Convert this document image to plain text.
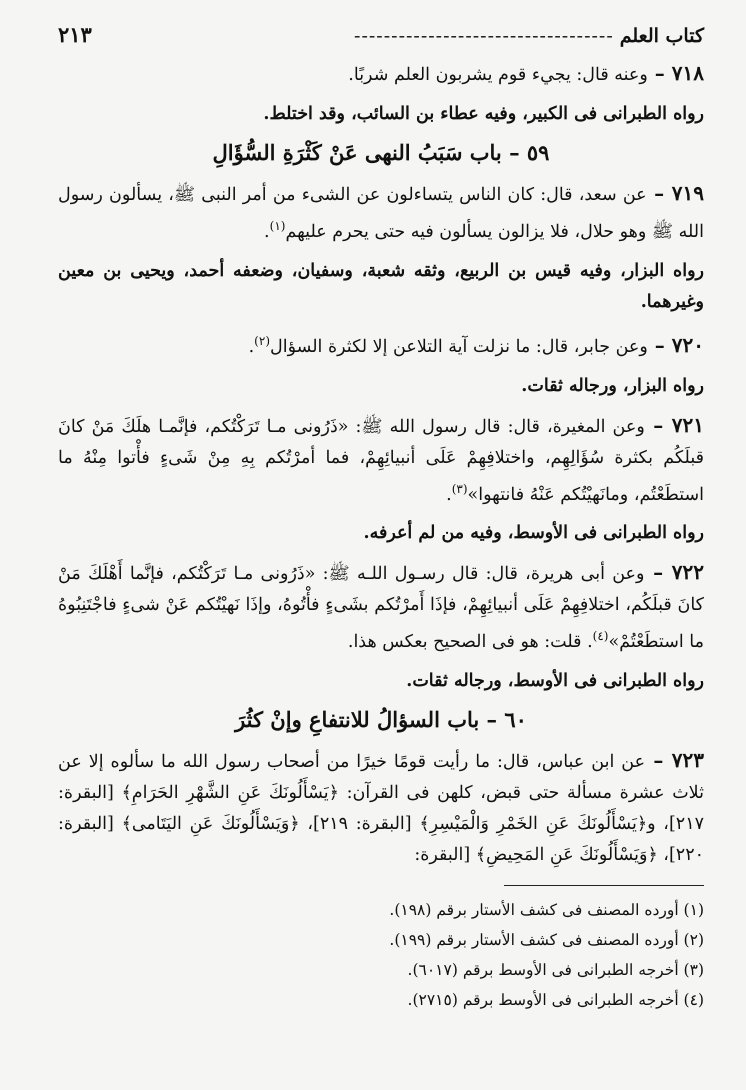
كتاب العلم
-----------------------------------
٢١٣
٧١٨ – وعنه قال: يجيء قوم يشربون العلم شربًا.
رواه الطبرانى فى الكبير، وفيه عطاء بن السائب، وقد اختلط.
٥٩ – باب سَبَبُ النهى عَنْ كَثْرَةِ السُّؤَالِ
٧١٩ – عن سعد، قال: كان الناس يتساءلون عن الشىء من أمر النبى ﷺ، يسألون رسول الله ﷺ وهو حلال، فلا يزالون يسألون فيه حتى يحرم عليهم$^{(١)}$.
رواه البزار، وفيه قيس بن الربيع، وثقه شعبة، وسفيان، وضعفه أحمد، ويحيى بن معين وغيرهما.
٧٢٠ – وعن جابر، قال: ما نزلت آية التلاعن إلا لكثرة السؤال$^{(٢)}$.
رواه البزار، ورجاله ثقات.
٧٢١ – وعن المغيرة، قال: قال رسول الله ﷺ: «ذَرُونى مـا تَرَكْتُكم، فإنَّمـا هلَكَ مَنْ كانَ قبلَكُم بكثرة سُؤَالِهِم، واختلافِهِمْ عَلَى أنبيائِهِمْ، فما أمرْتُكم بِهِ مِنْ شَىءٍ فأْتوا مِنْهُ ما استطَعْتُم، ومانَهيْتُكم عَنْهُ فانتهوا»$^{(٣)}$.
رواه الطبرانى فى الأوسط، وفيه من لم أعرفه.
٧٢٢ – وعن أبى هريرة، قال: قال رسـول اللـه ﷺ: «ذَرُونى مـا تَرَكْتُكم، فإنَّما أَهْلَكَ مَنْ كانَ قبلَكُم، اختلافِهِمْ عَلَى أنبيائِهِمْ، فإذَا أَمرْتُكم بشَىءٍ فأْتُوهُ، وإذَا نَهيْتُكم عَنْ شىءٍ فاجْتَنِبُوهُ ما استطَعْتُمْ»$^{(٤)}$. قلت: هو فى الصحيح بعكس هذا.
رواه الطبرانى فى الأوسط، ورجاله ثقات.
٦٠ – باب السؤالُ للانتفاعِ وإنْ كثُرَ
٧٢٣ – عن ابن عباس، قال: ما رأيت قومًا خيرًا من أصحاب رسول الله ما سألوه إلا عن ثلاث عشرة مسألة حتى قبض، كلهن فى القرآن: ﴿يَسْأَلُونَكَ عَنِ الشَّهْرِ الحَرَامِ﴾ [البقرة: ٢١٧]، و﴿يَسْأَلُونَكَ عَنِ الخَمْرِ وَالْمَيْسِرِ﴾ [البقرة: ٢١٩]، ﴿وَيَسْأَلُونَكَ عَنِ اليَتَامى﴾ [البقرة: ٢٢٠]، ﴿وَيَسْأَلُونَكَ عَنِ المَحِيضِ﴾ [البقرة:
(١) أورده المصنف فى كشف الأستار برقم (١٩٨).
(٢) أورده المصنف فى كشف الأستار برقم (١٩٩).
(٣) أخرجه الطبرانى فى الأوسط برقم (٦٠١٧).
(٤) أخرجه الطبرانى فى الأوسط برقم (٢٧١٥).
